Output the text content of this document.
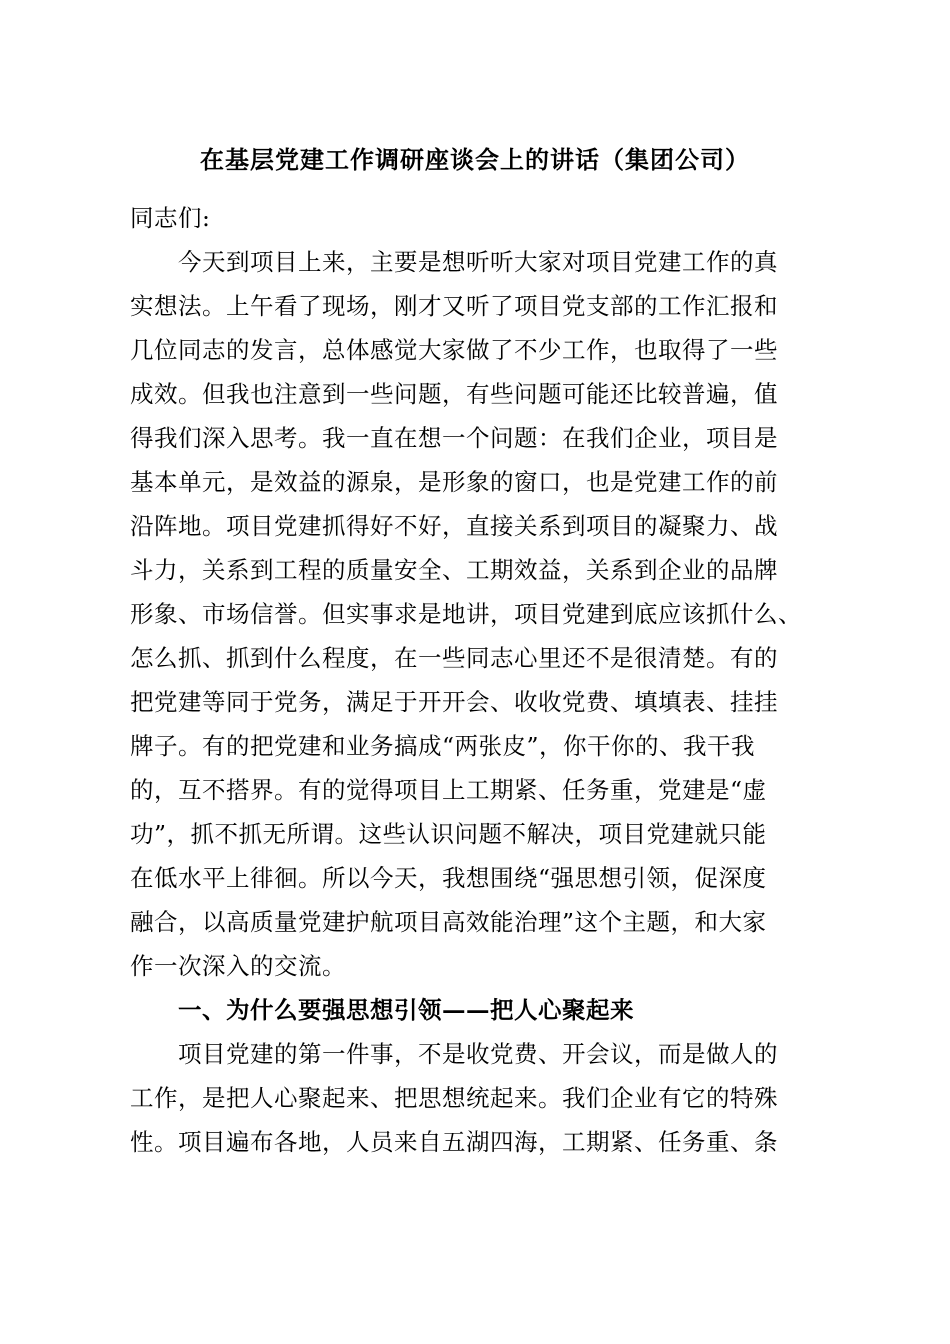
在基层党建工作调研座谈会上的讲话（集团公司）
同志们:
今天到项目上来，主要是想听听大家对项目党建工作的真
实想法。上午看了现场，刚才又听了项目党支部的工作汇报和
几位同志的发言，总体感觉大家做了不少工作，也取得了一些
成效。但我也注意到一些问题，有些问题可能还比较普遍，值
得我们深入思考。我一直在想一个问题：在我们企业，项目是
基本单元，是效益的源泉，是形象的窗口，也是党建工作的前
沿阵地。项目党建抓得好不好，直接关系到项目的凝聚力、战
斗力，关系到工程的质量安全、工期效益，关系到企业的品牌
形象、市场信誉。但实事求是地讲，项目党建到底应该抓什么、
怎么抓、抓到什么程度，在一些同志心里还不是很清楚。有的
把党建等同于党务，满足于开开会、收收党费、填填表、挂挂
牌子。有的把党建和业务搞成“两张皮”，你干你的、我干我
的，互不搭界。有的觉得项目上工期紧、任务重，党建是“虚
功”，抓不抓无所谓。这些认识问题不解决，项目党建就只能
在低水平上徘徊。所以今天，我想围绕“强思想引领，促深度
融合，以高质量党建护航项目高效能治理”这个主题，和大家
作一次深入的交流。
一、为什么要强思想引领——把人心聚起来
项目党建的第一件事，不是收党费、开会议，而是做人的
工作，是把人心聚起来、把思想统起来。我们企业有它的特殊
性。项目遍布各地，人员来自五湖四海，工期紧、任务重、条
